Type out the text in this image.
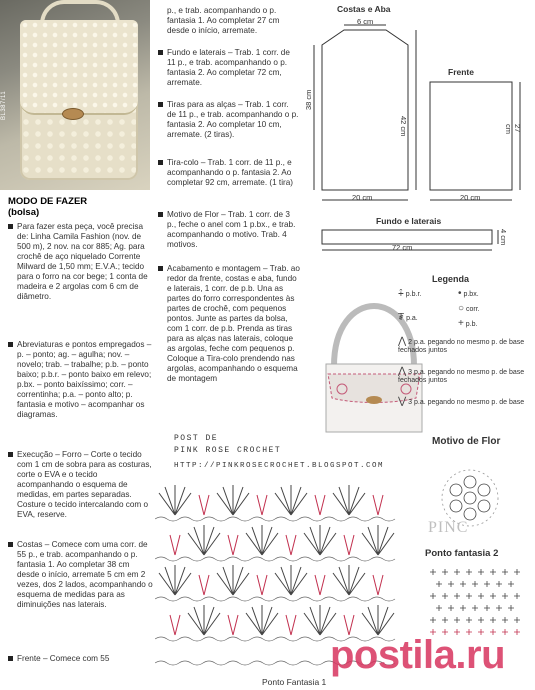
BL387/11
MODO DE FAZER
(bolsa)
Para fazer esta peça, você precisa de: Linha Camila Fashion (nov. de 500 m), 2 nov. na cor 885; Ag. para crochê de aço niquelado Corrente Milward de 1,50 mm; E.V.A.; tecido para o forro na cor bege; 1 conta de madeira e 2 argolas com 6 cm de diâmetro.
Abreviaturas e pontos empregados – p. – ponto; ag. – agulha; nov. – novelo; trab. – trabalhe; p.b. – ponto baixo; p.b.r. – ponto baixo em relevo; p.bx. – ponto baixíssimo; corr. – correntinha; p.a. – ponto alto; p. fantasia e motivo – acompanhar os diagramas.
Execução – Forro – Corte o tecido com 1 cm de sobra para as costuras, corte o EVA e o tecido acompanhando o esquema de medidas, em partes separadas. Costure o tecido intercalando com o EVA, reserve.
Costas – Comece com uma corr. de 55 p., e trab. acompanhando o p. fantasia 1. Ao completar 38 cm desde o início, arremate 5 cm em 2 vezes, dos 2 lados, acompanhando o esquema de medidas para as diminuições nas laterais.
Frente – Comece com 55
p., e trab. acompanhando o p. fantasia 1. Ao completar 27 cm desde o início, arremate.
Fundo e laterais – Trab. 1 corr. de 11 p., e trab. acompanhando o p. fantasia 2. Ao completar 72 cm, arremate.
Tiras para as alças – Trab. 1 corr. de 11 p., e trab. acompanhando o p. fantasia 2. Ao completar 10 cm, arremate. (2 tiras).
Tira-colo – Trab. 1 corr. de 11 p., e acompanhando o p. fantasia 2. Ao completar 92 cm, arremate. (1 tira)
Motivo de Flor – Trab. 1 corr. de 3 p., feche o anel com 1 p.bx., e trab. acompanhando o motivo. Trab. 4 motivos.
Acabamento e montagem – Trab. ao redor da frente, costas e aba, fundo e laterais, 1 corr. de p.b. Una as partes do forro correspondentes às partes de crochê, com pequenos pontos. Junte as partes da bolsa, com 1 corr. de p.b. Prenda as tiras para as alças nas laterais, coloque as argolas, feche com pequenos p. Coloque a Tira-colo prendendo nas argolas, acompanhando o esquema de montagem
Costas e Aba
6 cm
38 cm
42 cm
20 cm
Frente
27 cm
20 cm
Fundo e laterais
4 cm
72 cm
Legenda
⨣ p.b.r.	• p.bx.
○ corr.
+ p.b.
₮ p.a.
⋀ 2 p.a. pegando no mesmo p. de base fechados juntos
⋀ 3 p.a. pegando no mesmo p. de base fechados juntos
⋁ 3 p.a. pegando no mesmo p. de base
POST DE
PINK ROSE CROCHET
HTTP://PINKROSECROCHET.BLOGSPOT.COM
Ponto Fantasia 1
Motivo de Flor
PINC
Ponto fantasia 2
postila.ru
